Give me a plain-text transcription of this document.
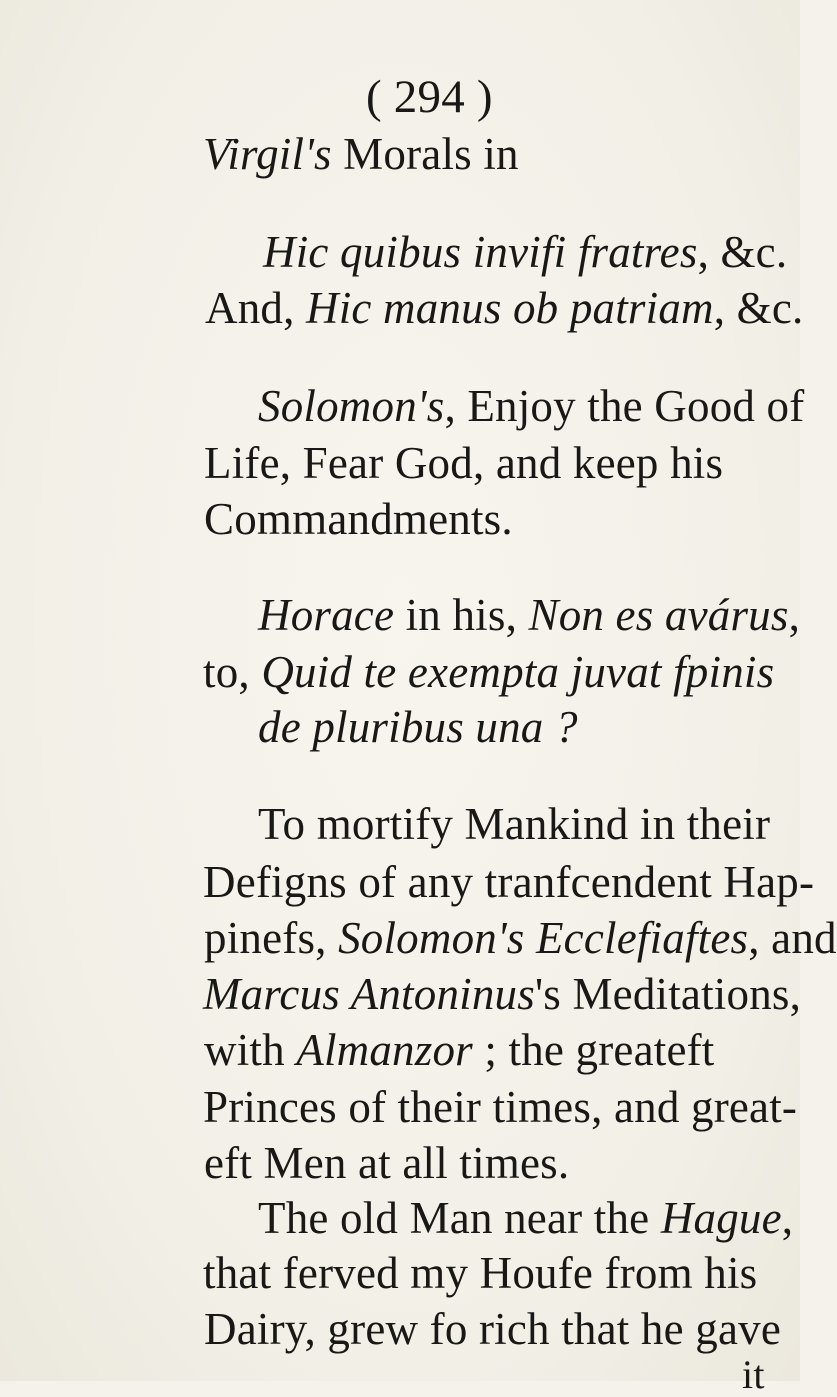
( 294 )
Virgil's Morals in
Hic quibus invifi fratres, &c.
And, Hic manus ob patriam, &c.
Solomon's, Enjoy the Good of
Life, Fear God, and keep his
Commandments.
Horace in his, Non es avárus,
to, Quid te exempta juvat fpinis
de pluribus una ?
To mortify Mankind in their
Defigns of any tranfcendent Hap-
pinefs, Solomon's Ecclefiaftes, and
Marcus Antoninus's Meditations,
with Almanzor ; the greateft
Princes of their times, and great-
eft Men at all times.
The old Man near the Hague,
that ferved my Houfe from his
Dairy, grew fo rich that he gave
it
